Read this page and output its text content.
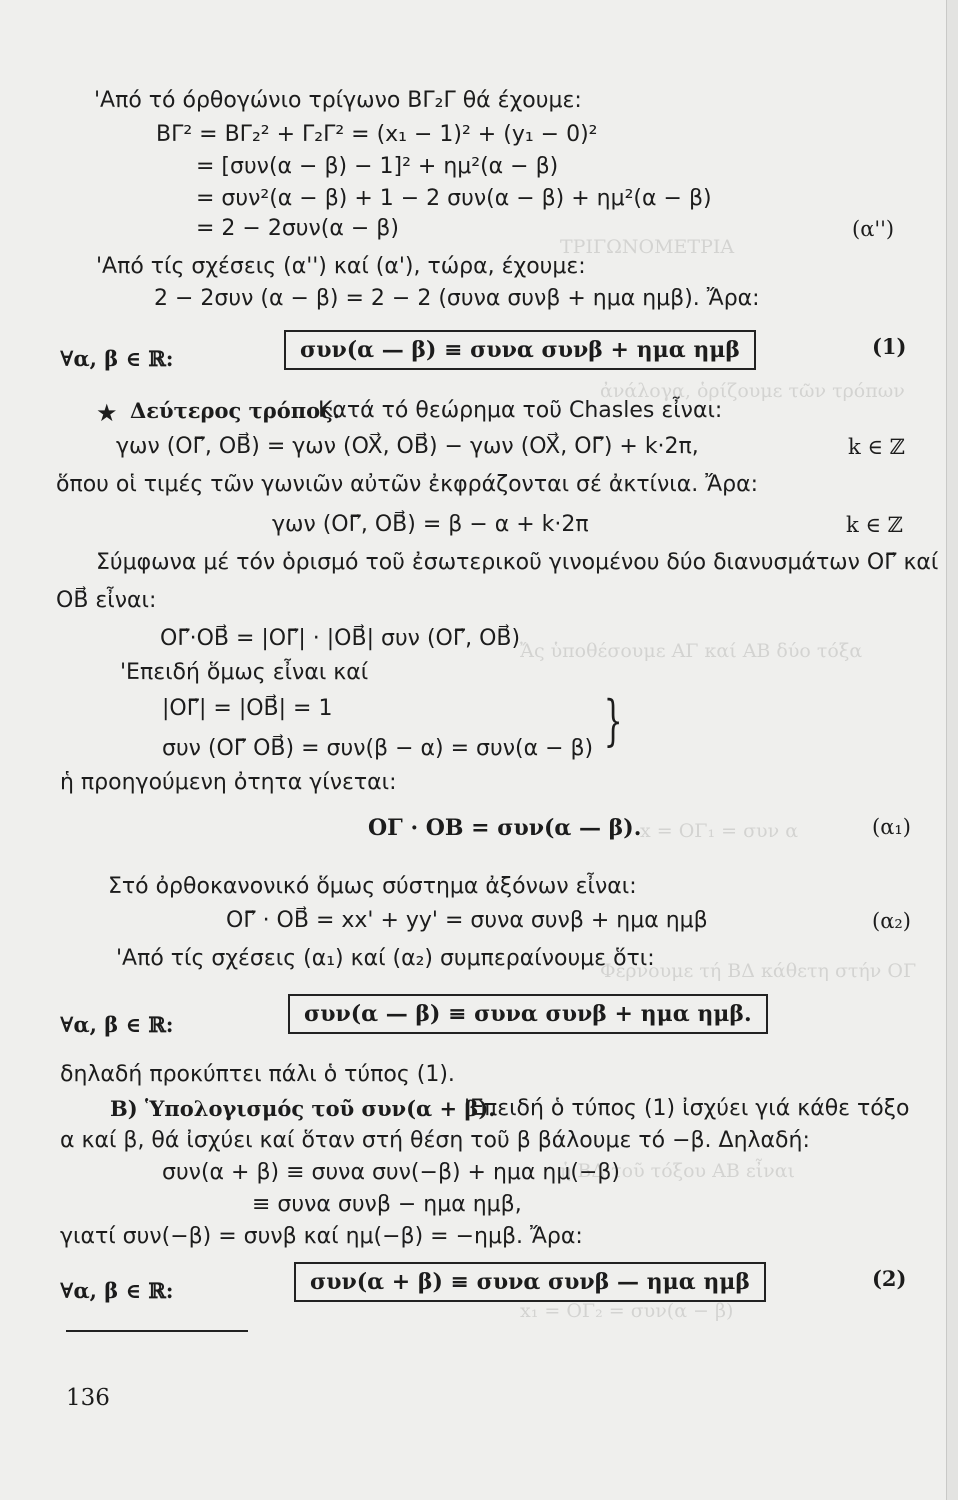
ΤΡΙΓΩΝΟΜΕΤΡΙΑ
ἀνάλογα, ὁρίζουμε τῶν τρόπων
Ἄς ὑποθέσουμε ΑΓ καί ΑΒ δύο τόξα
x = ΟΓ₁ = συν α
Φέρνουμε τή ΒΔ κάθετη στήν ΟΓ
ἡ ΒΔ τοῦ τόξου ΑΒ εἶναι
x₁ = ΟΓ₂ = συν(α − β)
'Από τό όρθογώνιο τρίγωνο ΒΓ₂Γ θά έχουμε:
ΒΓ² = ΒΓ₂² + Γ₂Γ² = (x₁ − 1)² + (y₁ − 0)²
= [συν(α − β) − 1]² + ημ²(α − β)
= συν²(α − β) + 1 − 2 συν(α − β) + ημ²(α − β)
= 2 − 2συν(α − β)	(α'')
'Από τίς σχέσεις (α'') καί (α'), τώρα, έχουμε:
2 − 2συν (α − β) = 2 − 2 (συνα συνβ + ημα ημβ). Ἄρα:
∀α, β ∈ ℝ:	συν(α — β) ≡ συνα συνβ + ημα ημβ	(1)
★ Δεύτερος τρόπος.
Κατά τό θεώρημα τοῦ Chasles εἶναι:
γων (OΓ⃗, OB⃗) = γων (OX⃗, OB⃗) − γων (OX⃗, OΓ⃗) + k·2π,	k ∈ ℤ
ὅπου οἱ τιμές τῶν γωνιῶν αὐτῶν ἐκφράζονται σέ ἀκτίνια. Ἄρα:
γων (OΓ⃗, OB⃗) = β − α + k·2π	k ∈ ℤ
Σύμφωνα μέ τόν ὁρισμό τοῦ ἐσωτερικοῦ γινομένου δύο διανυσμάτων OΓ⃗ καί
OB⃗ εἶναι:
OΓ⃗·OB⃗ = |OΓ⃗| · |OB⃗| συν (OΓ⃗, OB⃗)
'Επειδή ὅμως εἶναι καί
|OΓ⃗| = |OB⃗| = 1
συν (OΓ⃗ OB⃗) = συν(β − α) = συν(α − β) }
ἡ προηγούμενη ὀτητα γίνεται:
ΟΓ · ΟΒ = συν(α — β).	(α₁)
Στό ὀρθοκανονικό ὅμως σύστημα ἀξόνων εἶναι:
OΓ⃗ · OB⃗ = xx' + yy' = συνα συνβ + ημα ημβ	(α₂)
'Από τίς σχέσεις (α₁) καί (α₂) συμπεραίνουμε ὅτι:
∀α, β ∈ ℝ:	συν(α — β) ≡ συνα συνβ + ημα ημβ.
δηλαδή προκύπτει πάλι ὁ τύπος (1).
Β) Ὑπολογισμός τοῦ συν(α + β).
'Επειδή ὁ τύπος (1) ἰσχύει γιά κάθε τόξο
α καί β, θά ἰσχύει καί ὅταν στή θέση τοῦ β βάλουμε τό −β. Δηλαδή:
συν(α + β) ≡ συνα συν(−β) + ημα ημ(−β)
≡ συνα συνβ − ημα ημβ,
γιατί συν(−β) = συνβ καί ημ(−β) = −ημβ. Ἄρα:
∀α, β ∈ ℝ:	συν(α + β) ≡ συνα συνβ — ημα ημβ	(2)
136
